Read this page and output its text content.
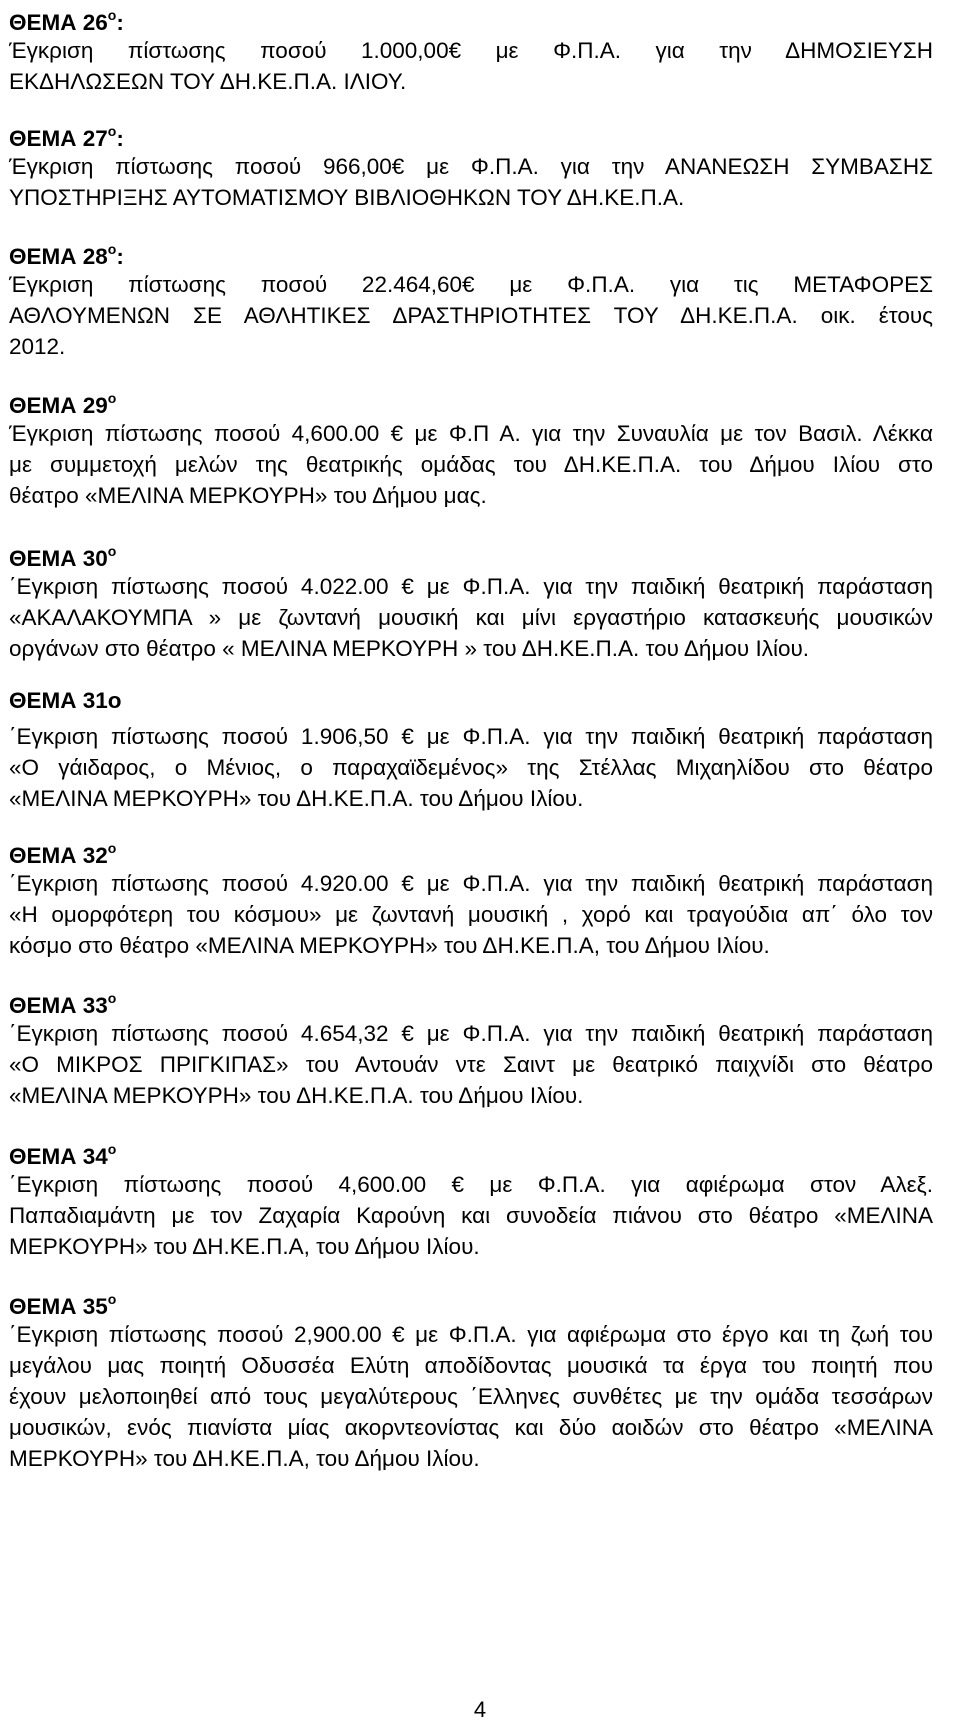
ΘΕΜΑ $26^o$:
Έγκριση πίστωσης ποσού 1.000,00€ με Φ.Π.Α. για την ΔΗΜΟΣΙΕΥΣΗ
ΕΚΔΗΛΩΣΕΩΝ ΤΟΥ ΔΗ.ΚΕ.Π.Α. ΙΛΙΟΥ.
ΘΕΜΑ $27^o$:
Έγκριση πίστωσης ποσού 966,00€ με Φ.Π.Α. για την ΑΝΑΝΕΩΣΗ ΣΥΜΒΑΣΗΣ
ΥΠΟΣΤΗΡΙΞΗΣ ΑΥΤΟΜΑΤΙΣΜΟΥ ΒΙΒΛΙΟΘΗΚΩΝ ΤΟΥ ΔΗ.ΚΕ.Π.Α.
ΘΕΜΑ $28^o$:
Έγκριση πίστωσης ποσού 22.464,60€ με Φ.Π.Α. για τις ΜΕΤΑΦΟΡΕΣ
ΑΘΛΟΥΜΕΝΩΝ ΣΕ ΑΘΛΗΤΙΚΕΣ ΔΡΑΣΤΗΡΙΟΤΗΤΕΣ ΤΟΥ ΔΗ.ΚΕ.Π.Α. οικ. έτους
2012.
ΘΕΜΑ $29^o$
Έγκριση πίστωσης ποσού 4,600.00 € με Φ.Π Α. για την Συναυλία με τον Βασιλ. Λέκκα
με συμμετοχή μελών της θεατρικής ομάδας του ΔΗ.ΚΕ.Π.Α. του Δήμου Ιλίου στο
θέατρο «ΜΕΛΙΝΑ ΜΕΡΚΟΥΡΗ» του Δήμου μας.
ΘΕΜΑ $30^o$
΄Εγκριση πίστωσης ποσού 4.022.00 € με Φ.Π.Α. για την παιδική θεατρική παράσταση
«ΑΚΑΛΑΚΟΥΜΠΑ » με ζωντανή μουσική και μίνι εργαστήριο κατασκευής μουσικών
οργάνων στο θέατρο « ΜΕΛΙΝΑ ΜΕΡΚΟΥΡΗ » του ΔΗ.ΚΕ.Π.Α. του Δήμου Ιλίου.
ΘΕΜΑ 31ο
΄Εγκριση πίστωσης ποσού 1.906,50 € με Φ.Π.Α. για την παιδική θεατρική παράσταση
«Ο γάιδαρος, ο Μένιος, ο παραχαϊδεμένος» της Στέλλας Μιχαηλίδου στο θέατρο
«ΜΕΛΙΝΑ ΜΕΡΚΟΥΡΗ» του ΔΗ.ΚΕ.Π.Α. του Δήμου Ιλίου.
ΘΕΜΑ $32^o$
΄Εγκριση πίστωσης ποσού 4.920.00 € με Φ.Π.Α. για την παιδική θεατρική παράσταση
«Η ομορφότερη του κόσμου» με ζωντανή μουσική , χορό και τραγούδια απ΄ όλο τον
κόσμο στο θέατρο «ΜΕΛΙΝΑ ΜΕΡΚΟΥΡΗ» του ΔΗ.ΚΕ.Π.Α, του Δήμου Ιλίου.
ΘΕΜΑ $33^o$
΄Εγκριση πίστωσης ποσού 4.654,32 € με Φ.Π.Α. για την παιδική θεατρική παράσταση
«Ο ΜΙΚΡΟΣ ΠΡΙΓΚΙΠΑΣ» του Αντουάν ντε Σαιντ με θεατρικό παιχνίδι στο θέατρο
«ΜΕΛΙΝΑ ΜΕΡΚΟΥΡΗ» του ΔΗ.ΚΕ.Π.Α. του Δήμου Ιλίου.
ΘΕΜΑ $34^o$
΄Εγκριση πίστωσης ποσού 4,600.00 € με Φ.Π.Α. για αφιέρωμα στον Αλεξ.
Παπαδιαμάντη με τον Ζαχαρία Καρούνη και συνοδεία πιάνου στο θέατρο «ΜΕΛΙΝΑ
ΜΕΡΚΟΥΡΗ» του ΔΗ.ΚΕ.Π.Α, του Δήμου Ιλίου.
ΘΕΜΑ $35^o$
΄Εγκριση πίστωσης ποσού 2,900.00 € με Φ.Π.Α. για αφιέρωμα στο έργο και τη ζωή του
μεγάλου μας ποιητή Οδυσσέα Ελύτη αποδίδοντας μουσικά τα έργα του ποιητή που
έχουν μελοποιηθεί από τους μεγαλύτερους ΄Ελληνες συνθέτες με την ομάδα τεσσάρων
μουσικών, ενός πιανίστα μίας ακορντεονίστας και δύο αοιδών στο θέατρο «ΜΕΛΙΝΑ
ΜΕΡΚΟΥΡΗ» του ΔΗ.ΚΕ.Π.Α, του Δήμου Ιλίου.
4
